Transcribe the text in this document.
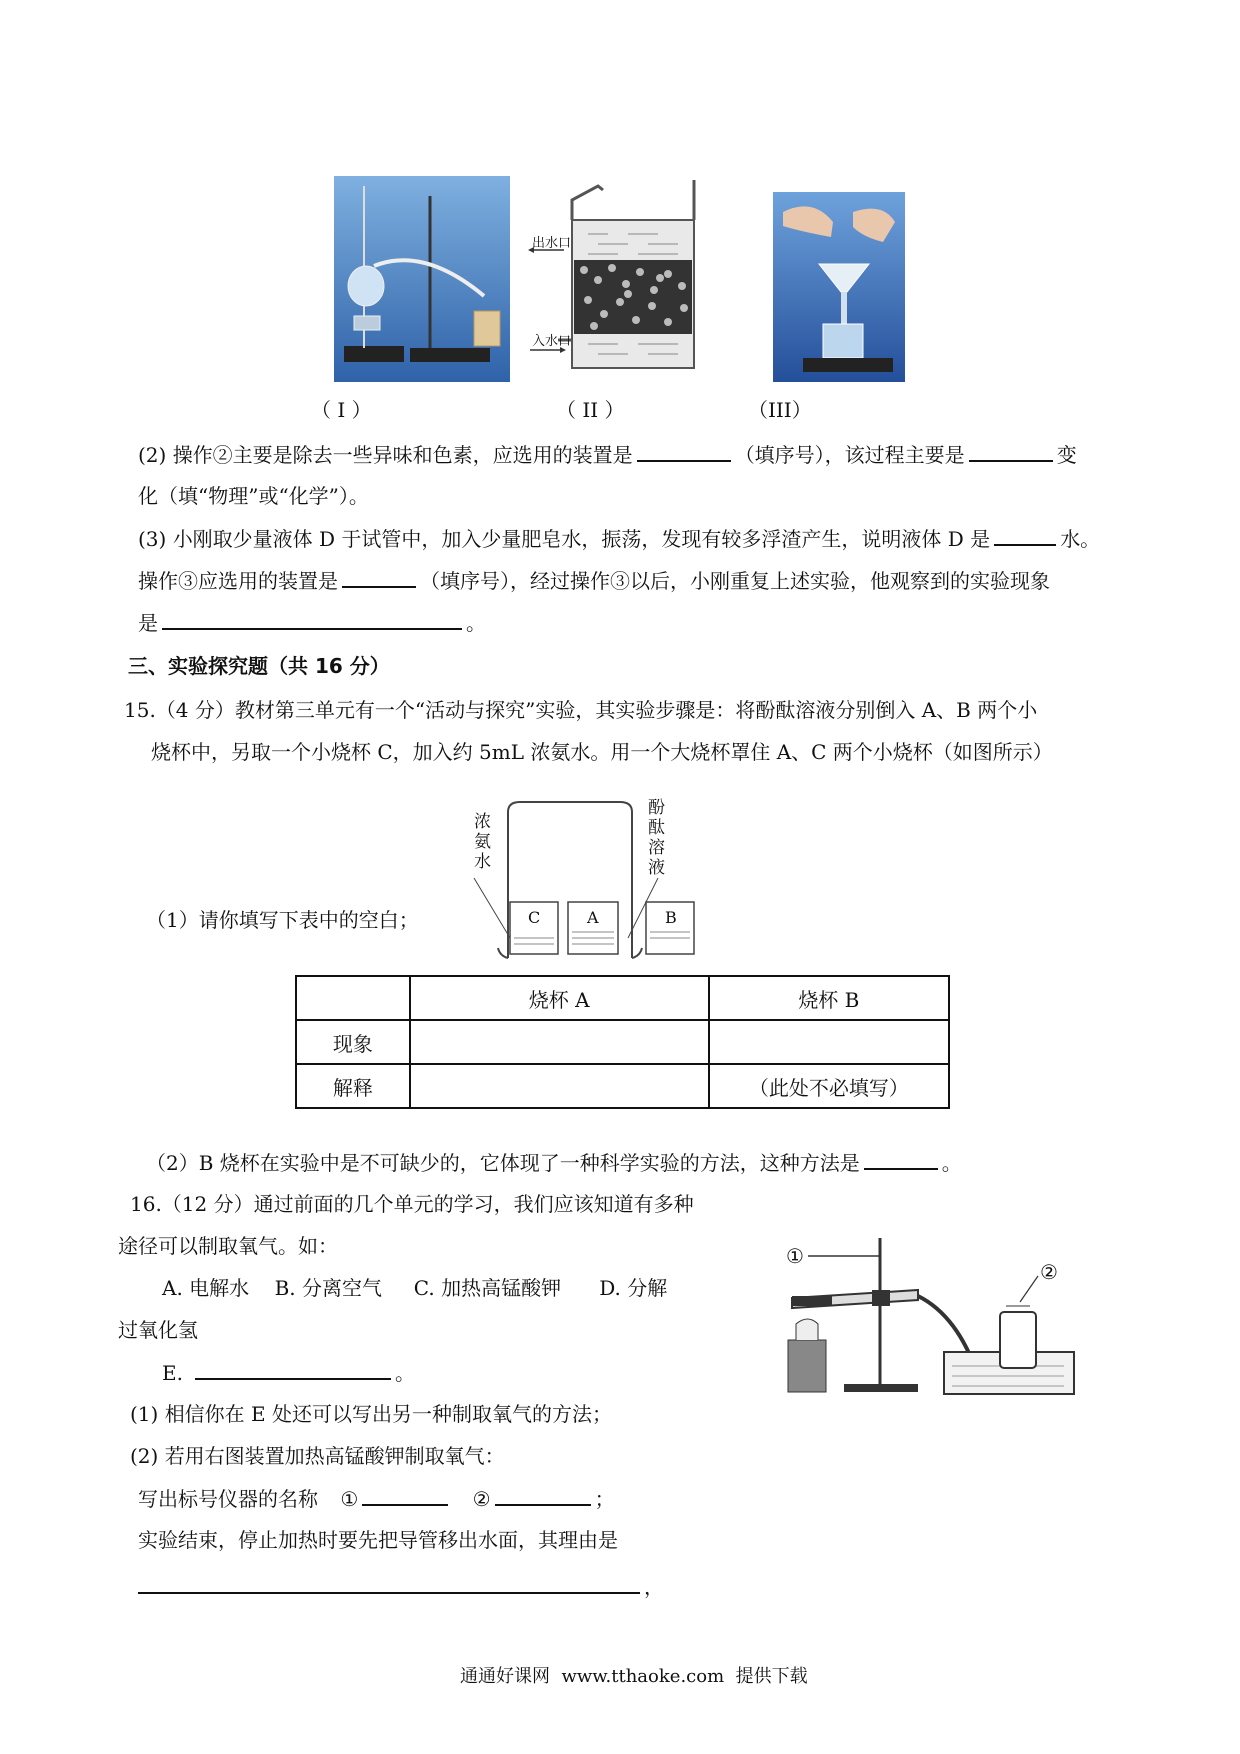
出水口
入水口
（ I ）	（ II ）	（III）
(2) 操作②主要是除去一些异味和色素，应选用的装置是	（填序号），该过程主要是	变
化（填“物理”或“化学”）。
(3) 小刚取少量液体 D 于试管中，加入少量肥皂水，振荡，发现有较多浮渣产生，说明液体 D 是	水。
操作③应选用的装置是	（填序号），经过操作③以后，小刚重复上述实验，他观察到的实验现象
是	。
三、实验探究题（共 16 分）
15.（4 分）教材第三单元有一个“活动与探究”实验，其实验步骤是：将酚酞溶液分别倒入 A、B 两个小
烧杯中，另取一个小烧杯 C，加入约 5mL 浓氨水。用一个大烧杯罩住 A、C 两个小烧杯（如图所示）
（1）请你填写下表中的空白；
浓氨水
酚酞溶液
C	A	B
	烧杯 A	烧杯 B
现象		
解释		（此处不必填写）
（2）B 烧杯在实验中是不可缺少的，它体现了一种科学实验的方法，这种方法是	。
16.（12 分）通过前面的几个单元的学习，我们应该知道有多种
途径可以制取氧气。如：
A. 电解水    B. 分离空气     C. 加热高锰酸钾      D. 分解
过氧化氢
E.	。
(1) 相信你在 E 处还可以写出另一种制取氧气的方法；
(2) 若用右图装置加热高锰酸钾制取氧气：
写出标号仪器的名称 ①	②	；
实验结束，停止加热时要先把导管移出水面，其理由是
，
①
②
通通好课网  www.tthaoke.com  提供下载
